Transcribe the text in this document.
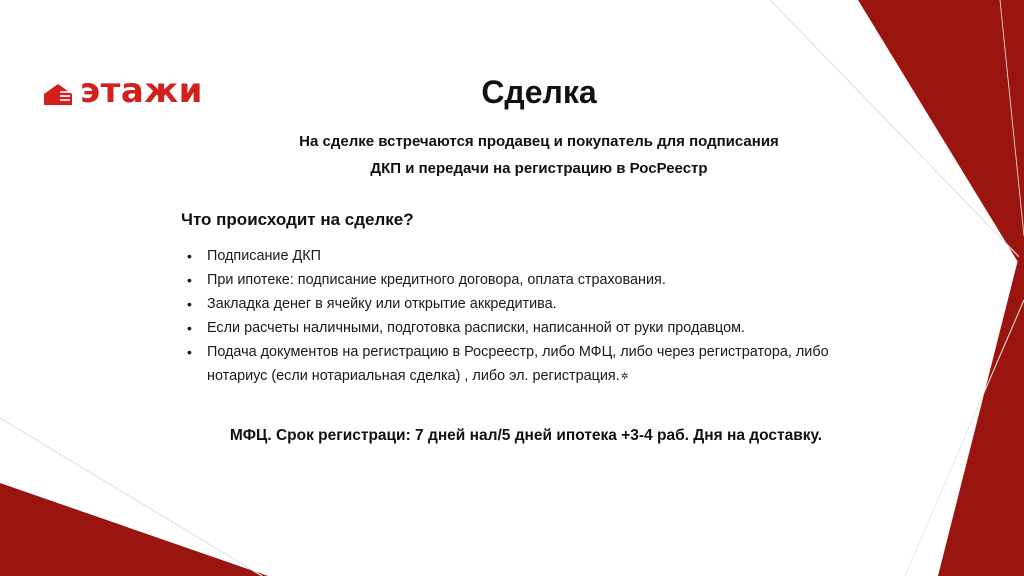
этажи	Сделка
На сделке встречаются продавец и покупатель для подписания
ДКП и передачи на регистрацию в РосРеестр
Что происходит на сделке?
• Подписание ДКП
• При ипотеке: подписание кредитного договора, оплата страхования.
• Закладка денег в ячейку или открытие аккредитива.
• Если расчеты наличными, подготовка расписки, написанной от руки продавцом.
• Подача документов на регистрацию в Росреестр, либо МФЦ, либо через регистратора, либо нотариус (если нотариальная сделка) , либо эл. регистрация.✲
МФЦ. Срок регистраци: 7 дней нал/5 дней ипотека +3-4 раб. Дня на доставку.
